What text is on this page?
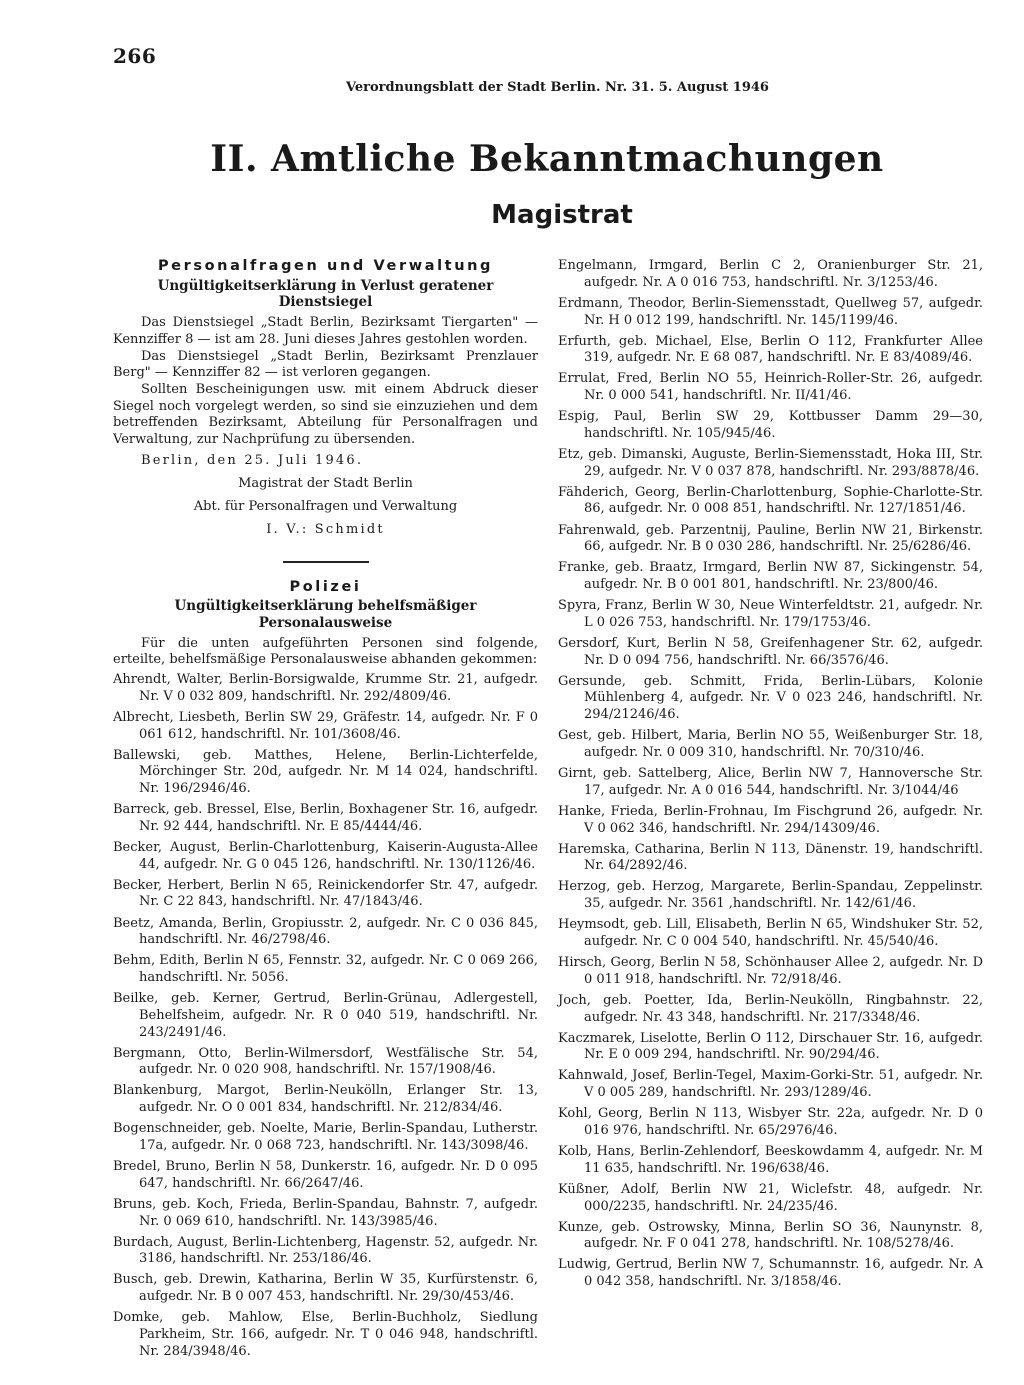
266
Verordnungsblatt der Stadt Berlin. Nr. 31. 5. August 1946
II. Amtliche Bekanntmachungen
Magistrat
Personalfragen und Verwaltung
Ungültigkeitserklärung in Verlust geratener Dienstsiegel

Das Dienstsiegel „Stadt Berlin, Bezirksamt Tiergarten" — Kennziffer 8 — ist am 28. Juni dieses Jahres gestohlen worden.

Das Dienstsiegel „Stadt Berlin, Bezirksamt Prenzlauer Berg" — Kennziffer 82 — ist verloren gegangen.

Sollten Bescheinigungen usw. mit einem Abdruck dieser Siegel noch vorgelegt werden, so sind sie einzuziehen und dem betreffenden Bezirksamt, Abteilung für Personalfragen und Verwaltung, zur Nachprüfung zu übersenden.

Berlin, den 25. Juli 1946.

Magistrat der Stadt Berlin

Abt. für Personalfragen und Verwaltung

I. V.: Schmidt

Polizei
Ungültigkeitserklärung behelfsmäßiger Personalausweise

Für die unten aufgeführten Personen sind folgende, erteilte, behelfsmäßige Personalausweise abhanden gekommen:

Ahrendt, Walter, Berlin-Borsigwalde, Krumme Str. 21, aufgedr. Nr. V 0 032 809, handschriftl. Nr. 292/4809/46.

Albrecht, Liesbeth, Berlin SW 29, Gräfestr. 14, aufgedr. Nr. F 0 061 612, handschriftl. Nr. 101/3608/46.

Ballewski, geb. Matthes, Helene, Berlin-Lichterfelde, Mörchinger Str. 20d, aufgedr. Nr. M 14 024, handschriftl. Nr. 196/2946/46.

Barreck, geb. Bressel, Else, Berlin, Boxhagener Str. 16, aufgedr. Nr. 92 444, handschriftl. Nr. E 85/4444/46.

Becker, August, Berlin-Charlottenburg, Kaiserin-Augusta-Allee 44, aufgedr. Nr. G 0 045 126, handschriftl. Nr. 130/1126/46.

Becker, Herbert, Berlin N 65, Reinickendorfer Str. 47, aufgedr. Nr. C 22 843, handschriftl. Nr. 47/1843/46.

Beetz, Amanda, Berlin, Gropiusstr. 2, aufgedr. Nr. C 0 036 845, handschriftl. Nr. 46/2798/46.

Behm, Edith, Berlin N 65, Fennstr. 32, aufgedr. Nr. C 0 069 266, handschriftl. Nr. 5056.

Beilke, geb. Kerner, Gertrud, Berlin-Grünau, Adlergestell, Behelfsheim, aufgedr. Nr. R 0 040 519, handschriftl. Nr. 243/2491/46.

Bergmann, Otto, Berlin-Wilmersdorf, Westfälische Str. 54, aufgedr. Nr. 0 020 908, handschriftl. Nr. 157/1908/46.

Blankenburg, Margot, Berlin-Neukölln, Erlanger Str. 13, aufgedr. Nr. O 0 001 834, handschriftl. Nr. 212/834/46.

Bogenschneider, geb. Noelte, Marie, Berlin-Spandau, Lutherstr. 17a, aufgedr. Nr. 0 068 723, handschriftl. Nr. 143/3098/46.

Bredel, Bruno, Berlin N 58, Dunkerstr. 16, aufgedr. Nr. D 0 095 647, handschriftl. Nr. 66/2647/46.

Bruns, geb. Koch, Frieda, Berlin-Spandau, Bahnstr. 7, aufgedr. Nr. 0 069 610, handschriftl. Nr. 143/3985/46.

Burdach, August, Berlin-Lichtenberg, Hagenstr. 52, aufgedr. Nr. 3186, handschriftl. Nr. 253/186/46.

Busch, geb. Drewin, Katharina, Berlin W 35, Kurfürstenstr. 6, aufgedr. Nr. B 0 007 453, handschriftl. Nr. 29/30/453/46.

Domke, geb. Mahlow, Else, Berlin-Buchholz, Siedlung Parkheim, Str. 166, aufgedr. Nr. T 0 046 948, handschriftl. Nr. 284/3948/46.

Engelmann, Irmgard, Berlin C 2, Oranienburger Str. 21, aufgedr. Nr. A 0 016 753, handschriftl. Nr. 3/1253/46.

Erdmann, Theodor, Berlin-Siemensstadt, Quellweg 57, aufgedr. Nr. H 0 012 199, handschriftl. Nr. 145/1199/46.

Erfurth, geb. Michael, Else, Berlin O 112, Frankfurter Allee 319, aufgedr. Nr. E 68 087, handschriftl. Nr. E 83/4089/46.

Errulat, Fred, Berlin NO 55, Heinrich-Roller-Str. 26, aufgedr. Nr. 0 000 541, handschriftl. Nr. II/41/46.

Espig, Paul, Berlin SW 29, Kottbusser Damm 29—30, handschriftl. Nr. 105/945/46.

Etz, geb. Dimanski, Auguste, Berlin-Siemensstadt, Hoka III, Str. 29, aufgedr. Nr. V 0 037 878, handschriftl. Nr. 293/8878/46.

Fähderich, Georg, Berlin-Charlottenburg, Sophie-Charlotte-Str. 86, aufgedr. Nr. 0 008 851, handschriftl. Nr. 127/1851/46.

Fahrenwald, geb. Parzentnij, Pauline, Berlin NW 21, Birkenstr. 66, aufgedr. Nr. B 0 030 286, handschriftl. Nr. 25/6286/46.

Franke, geb. Braatz, Irmgard, Berlin NW 87, Sickingenstr. 54, aufgedr. Nr. B 0 001 801, handschriftl. Nr. 23/800/46.

Spyra, Franz, Berlin W 30, Neue Winterfeldtstr. 21, aufgedr. Nr. L 0 026 753, handschriftl. Nr. 179/1753/46.

Gersdorf, Kurt, Berlin N 58, Greifenhagener Str. 62, aufgedr. Nr. D 0 094 756, handschriftl. Nr. 66/3576/46.

Gersunde, geb. Schmitt, Frida, Berlin-Lübars, Kolonie Mühlenberg 4, aufgedr. Nr. V 0 023 246, handschriftl. Nr. 294/21246/46.

Gest, geb. Hilbert, Maria, Berlin NO 55, Weißenburger Str. 18, aufgedr. Nr. 0 009 310, handschriftl. Nr. 70/310/46.

Girnt, geb. Sattelberg, Alice, Berlin NW 7, Hannoversche Str. 17, aufgedr. Nr. A 0 016 544, handschriftl. Nr. 3/1044/46

Hanke, Frieda, Berlin-Frohnau, Im Fischgrund 26, aufgedr. Nr. V 0 062 346, handschriftl. Nr. 294/14309/46.

Haremska, Catharina, Berlin N 113, Dänenstr. 19, handschriftl. Nr. 64/2892/46.

Herzog, geb. Herzog, Margarete, Berlin-Spandau, Zeppelinstr. 35, aufgedr. Nr. 3561 ,handschriftl. Nr. 142/61/46.

Heymsodt, geb. Lill, Elisabeth, Berlin N 65, Windshuker Str. 52, aufgedr. Nr. C 0 004 540, handschriftl. Nr. 45/540/46.

Hirsch, Georg, Berlin N 58, Schönhauser Allee 2, aufgedr. Nr. D 0 011 918, handschriftl. Nr. 72/918/46.

Joch, geb. Poetter, Ida, Berlin-Neukölln, Ringbahnstr. 22, aufgedr. Nr. 43 348, handschriftl. Nr. 217/3348/46.

Kaczmarek, Liselotte, Berlin O 112, Dirschauer Str. 16, aufgedr. Nr. E 0 009 294, handschriftl. Nr. 90/294/46.

Kahnwald, Josef, Berlin-Tegel, Maxim-Gorki-Str. 51, aufgedr. Nr. V 0 005 289, handschriftl. Nr. 293/1289/46.

Kohl, Georg, Berlin N 113, Wisbyer Str. 22a, aufgedr. Nr. D 0 016 976, handschriftl. Nr. 65/2976/46.

Kolb, Hans, Berlin-Zehlendorf, Beeskowdamm 4, aufgedr. Nr. M 11 635, handschriftl. Nr. 196/638/46.

Küßner, Adolf, Berlin NW 21, Wiclefstr. 48, aufgedr. Nr. 000/2235, handschriftl. Nr. 24/235/46.

Kunze, geb. Ostrowsky, Minna, Berlin SO 36, Naunynstr. 8, aufgedr. Nr. F 0 041 278, handschriftl. Nr. 108/5278/46.

Ludwig, Gertrud, Berlin NW 7, Schumannstr. 16, aufgedr. Nr. A 0 042 358, handschriftl. Nr. 3/1858/46.
